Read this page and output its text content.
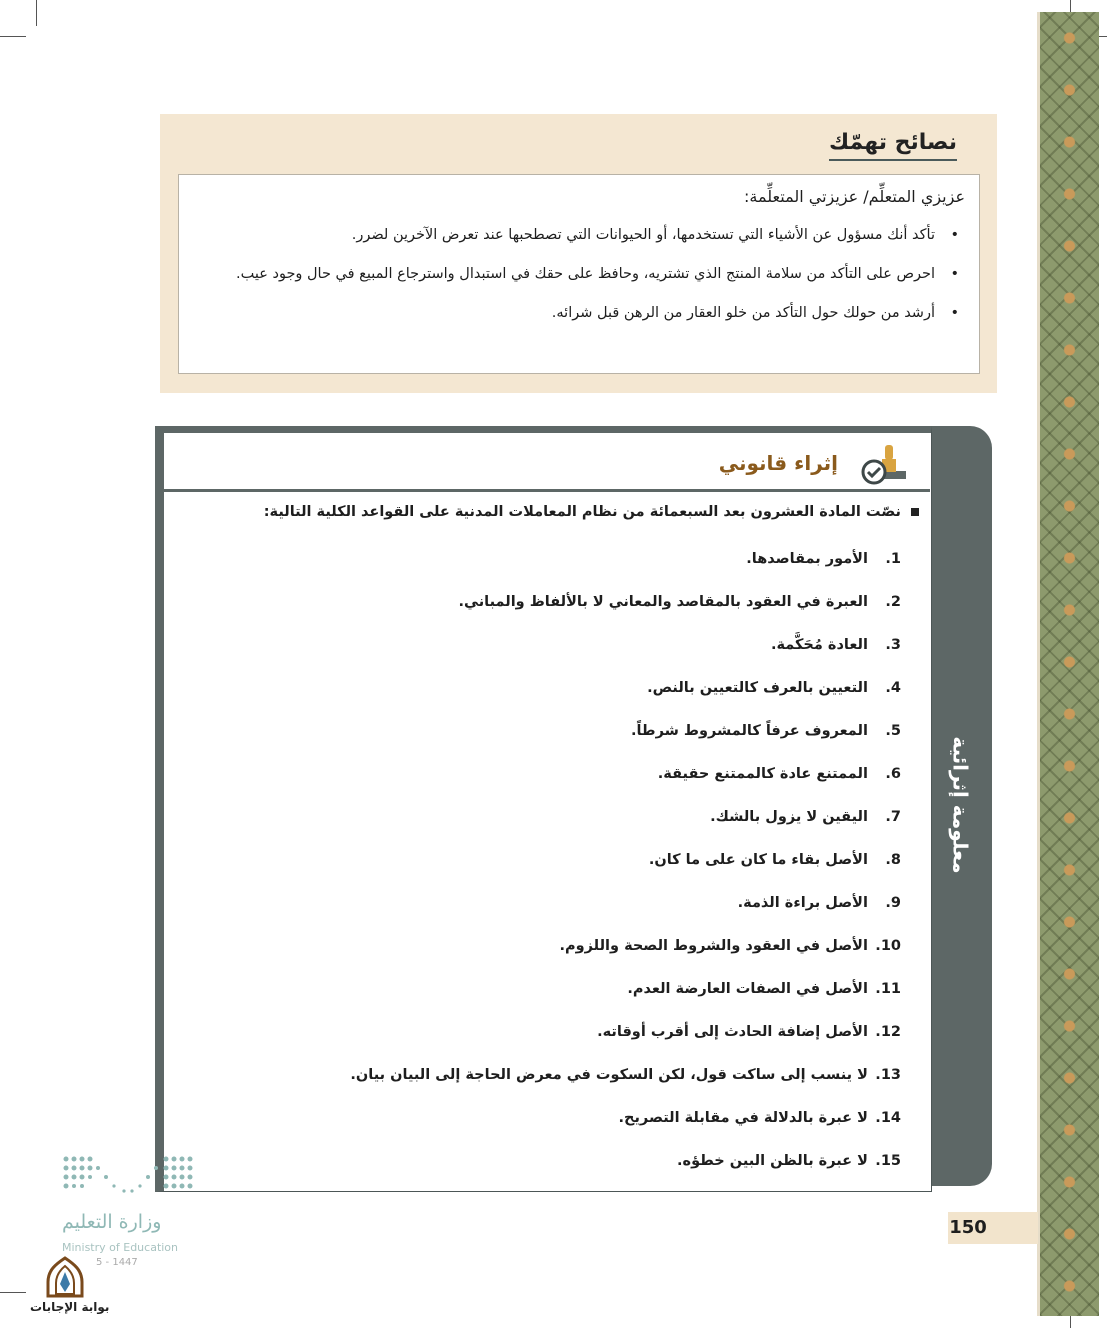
نصائح تهمّك

عزيزي المتعلِّم/ عزيزتي المتعلِّمة:

• تأكد أنك مسؤول عن الأشياء التي تستخدمها، أو الحيوانات التي تصطحبها عند تعرض الآخرين لضرر.
• احرص على التأكد من سلامة المنتج الذي تشتريه، وحافظ على حقك في استبدال واسترجاع المبيع في حال وجود عيب.
• أرشد من حولك حول التأكد من خلو العقار من الرهن قبل شرائه.
معلومة إثرائية
إثراء قانوني

نصّت المادة العشرون بعد السبعمائة من نظام المعاملات المدنية على القواعد الكلية التالية:

1. الأمور بمقاصدها.
2. العبرة في العقود بالمقاصد والمعاني لا بالألفاظ والمباني.
3. العادة مُحَكَّمة.
4. التعيين بالعرف كالتعيين بالنص.
5. المعروف عرفاً كالمشروط شرطاً.
6. الممتنع عادة كالممتنع حقيقة.
7. اليقين لا يزول بالشك.
8. الأصل بقاء ما كان على ما كان.
9. الأصل براءة الذمة.
10. الأصل في العقود والشروط الصحة واللزوم.
11. الأصل في الصفات العارضة العدم.
12. الأصل إضافة الحادث إلى أقرب أوقاته.
13. لا ينسب إلى ساكت قول، لكن السكوت في معرض الحاجة إلى البيان بيان.
14. لا عبرة بالدلالة في مقابلة التصريح.
15. لا عبرة بالظن البين خطؤه.
150
وزارة التعليم
Ministry of Education
5 - 1447
بوابة الإجابات
